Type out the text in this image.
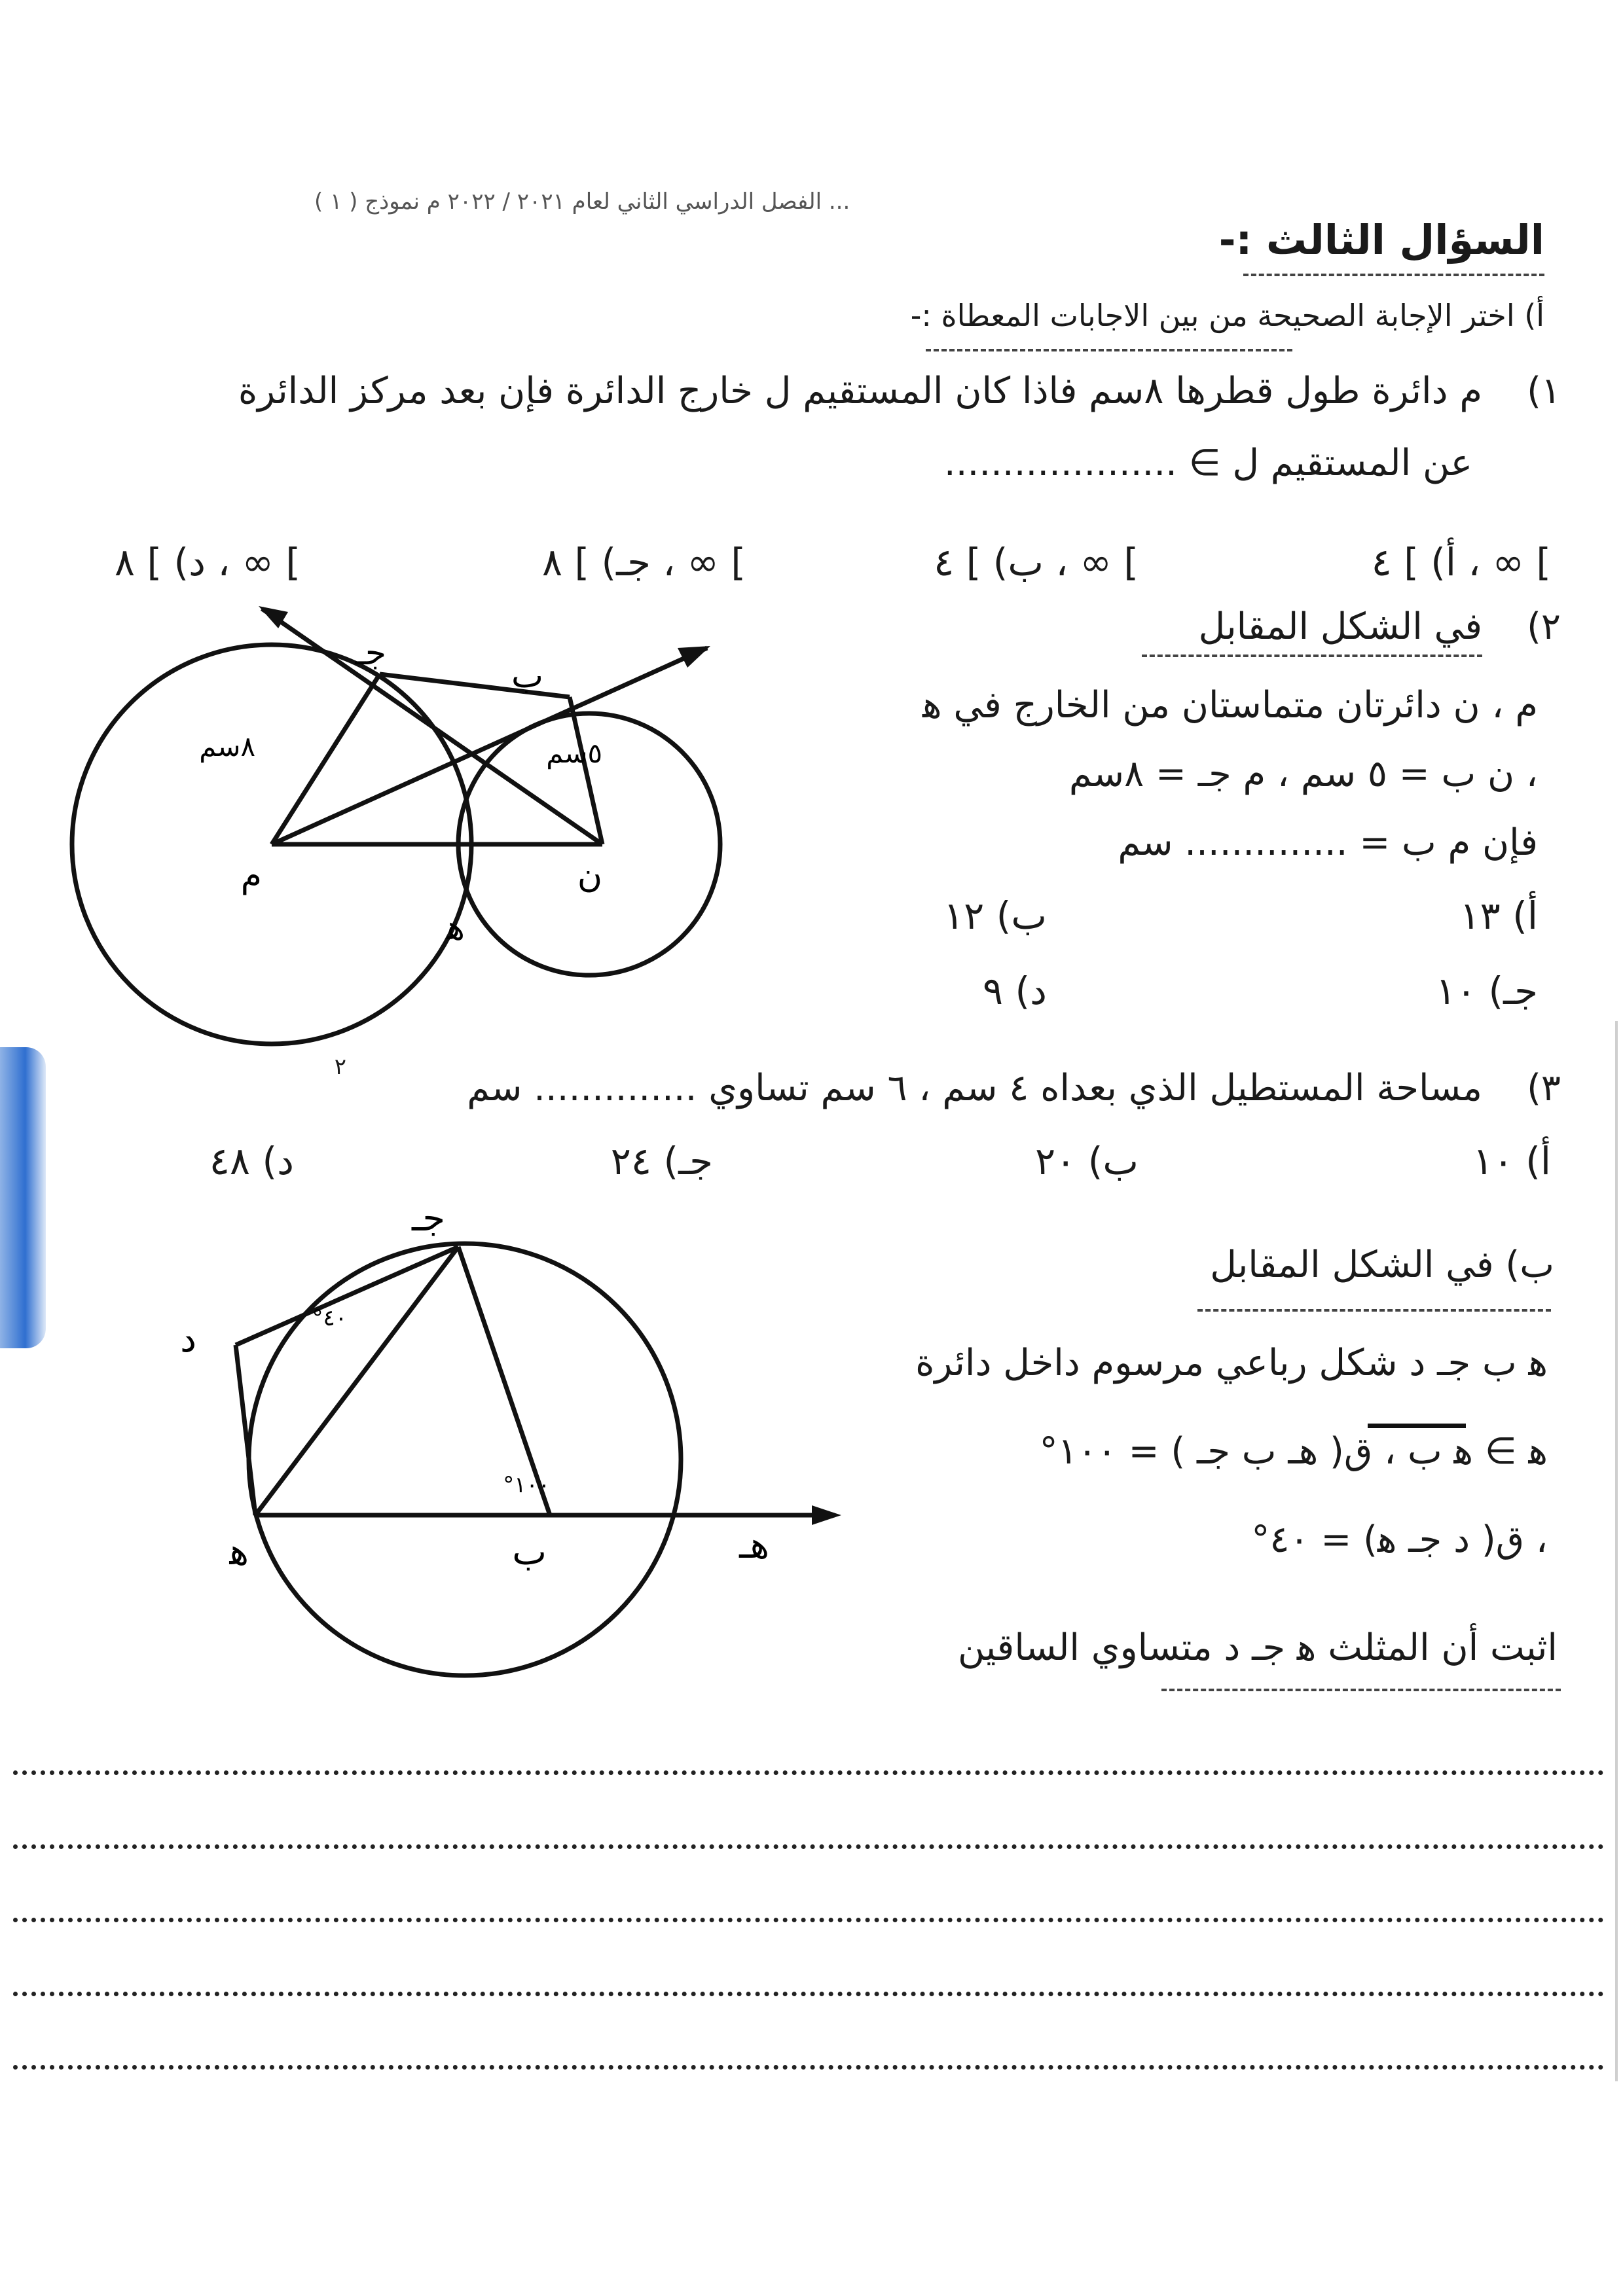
... الفصل الدراسي الثاني لعام ٢٠٢١ / ٢٠٢٢ م نموذج ( ١ )
السؤال الثالث :-
أ) اختر الإجابة الصحيحة من بين الاجابات المعطاة :-
١)
م دائرة طول قطرها ٨سم فاذا كان المستقيم ل خارج الدائرة فإن بعد مركز الدائرة
عن المستقيم ل ∋ ....................
أ) ] ٤ ، ∞ [
ب) ] ٤ ، ∞ [
جـ) ] ٨ ، ∞ [
د) ] ٨ ، ∞ [
٢)
في الشكل المقابل
م ، ن دائرتان متماستان من الخارج في ﻫ
، ن ب = ٥ سم ، م جـ = ٨سم
فإن م ب = .............. سم
أ) ١٣
ب) ١٢
جـ) ١٠
د) ٩
م	ن
ﻫ
ب
جـ
٨سم	٥سم
٣)
مساحة المستطيل الذي بعداه ٤ سم ، ٦ سم تساوي .............. سم
٢
أ) ١٠
ب) ٢٠
جـ) ٢٤
د) ٤٨
ب) في الشكل المقابل
ﻫ ب جـ د شكل رباعي مرسوم داخل دائرة
ﻫ ∋ ﻫ ب ، ق( هـ ب جـ ) = ١٠٠°
، ق( د جـ ﻫ) = ٤٠°
اثبت أن المثلث ﻫ جـ د متساوي الساقين
ﻫ	ب
جـ
د
هـ
٤٠°
١٠٠°
